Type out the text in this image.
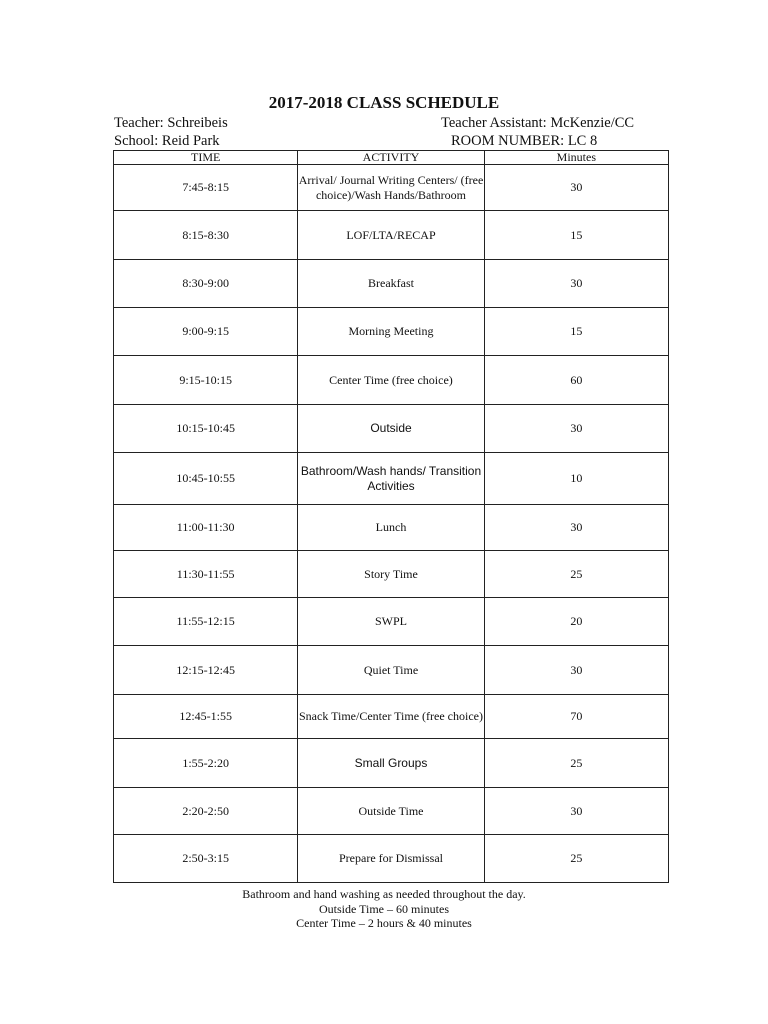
2017-2018 CLASS SCHEDULE
Teacher: Schreibeis
School: Reid Park
Teacher Assistant: McKenzie/CC
ROOM NUMBER: LC 8
TIME	ACTIVITY	Minutes
7:45-8:15	Arrival/ Journal Writing Centers/ (free choice)/Wash Hands/Bathroom	30
8:15-8:30	LOF/LTA/RECAP	15
8:30-9:00	Breakfast	30
9:00-9:15	Morning Meeting	15
9:15-10:15	Center Time (free choice)	60
10:15-10:45	Outside	30
10:45-10:55	Bathroom/Wash hands/ Transition Activities	10
11:00-11:30	Lunch	30
11:30-11:55	Story Time	25
11:55-12:15	SWPL	20
12:15-12:45	Quiet Time	30
12:45-1:55	Snack Time/Center Time (free choice)	70
1:55-2:20	Small Groups	25
2:20-2:50	Outside Time	30
2:50-3:15	Prepare for Dismissal	25
Bathroom and hand washing as needed throughout the day.
Outside Time – 60 minutes
Center Time – 2 hours & 40 minutes
